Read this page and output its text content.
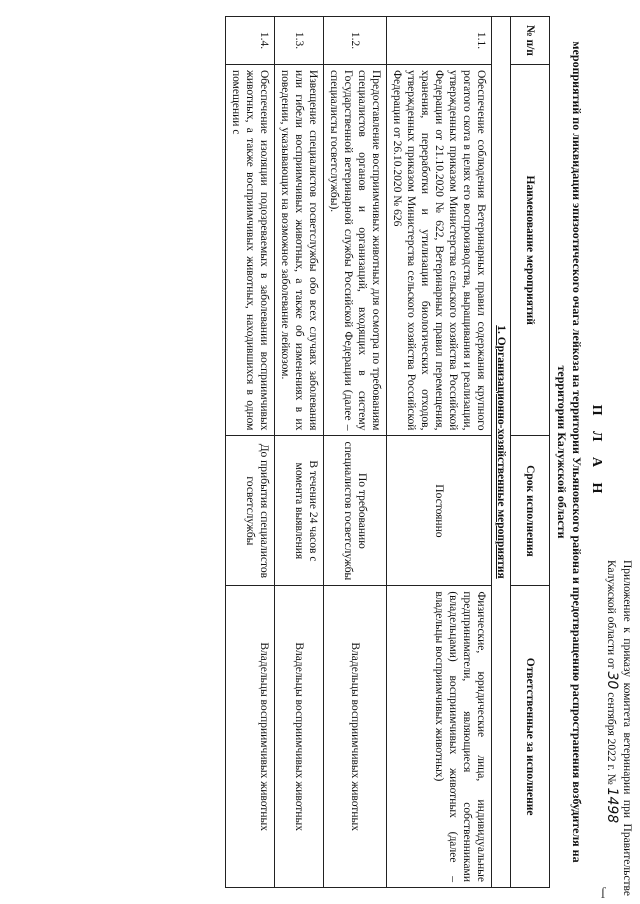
ſ	Приложение к приказу комитета ветеринарии при Правительстве Калужской области от 30 сентября 2022 г. № 1498
П Л А Н
мероприятий по ликвидации эпизоотического очага лейкоза на территории Ульяновского района и предотвращению распространения возбудителя на территории Калужской области
№ п/п	Наименование мероприятий	Срок исполнения	Ответственные за исполнение
1. Организационно-хозяйственные мероприятия			
1.1.	Обеспечение соблюдения Ветеринарных правил содержания крупного рогатого скота в целях его воспроизводства, выращивания и реализации, утвержденных приказом Министерства сельского хозяйства Российской Федерации от 21.10.2020 № 622, Ветеринарных правил перемещения, хранения, переработки и утилизации биологических отходов, утвержденных приказом Министерства сельского хозяйства Российской Федерации от 26.10.2020 № 626	Постоянно	Физические, юридические лица, индивидуальные предприниматели, являющиеся собственниками (владельцами) восприимчивых животных (далее – владельцы восприимчивых животных)
1.2.	Предоставление восприимчивых животных для осмотра по требованиям специалистов органов и организаций, входящих в систему Государственной ветеринарной службы Российской Федерации (далее – специалисты госветслужбы).	По требованию специалистов госветслужбы	Владельцы восприимчивых животных
1.3.	Извещение специалистов госветслужбы обо всех случаях заболевания или гибели восприимчивых животных, а также об изменениях в их поведении, указывающих на возможное заболевание лейкозом.	В течение 24 часов с момента выявления	Владельцы восприимчивых животных
1.4.	Обеспечение изоляции подозреваемых в заболевании восприимчивых животных, а также восприимчивых животных, находившихся в одном помещении с	До прибытия специалистов госветслужбы	Владельцы восприимчивых животных
